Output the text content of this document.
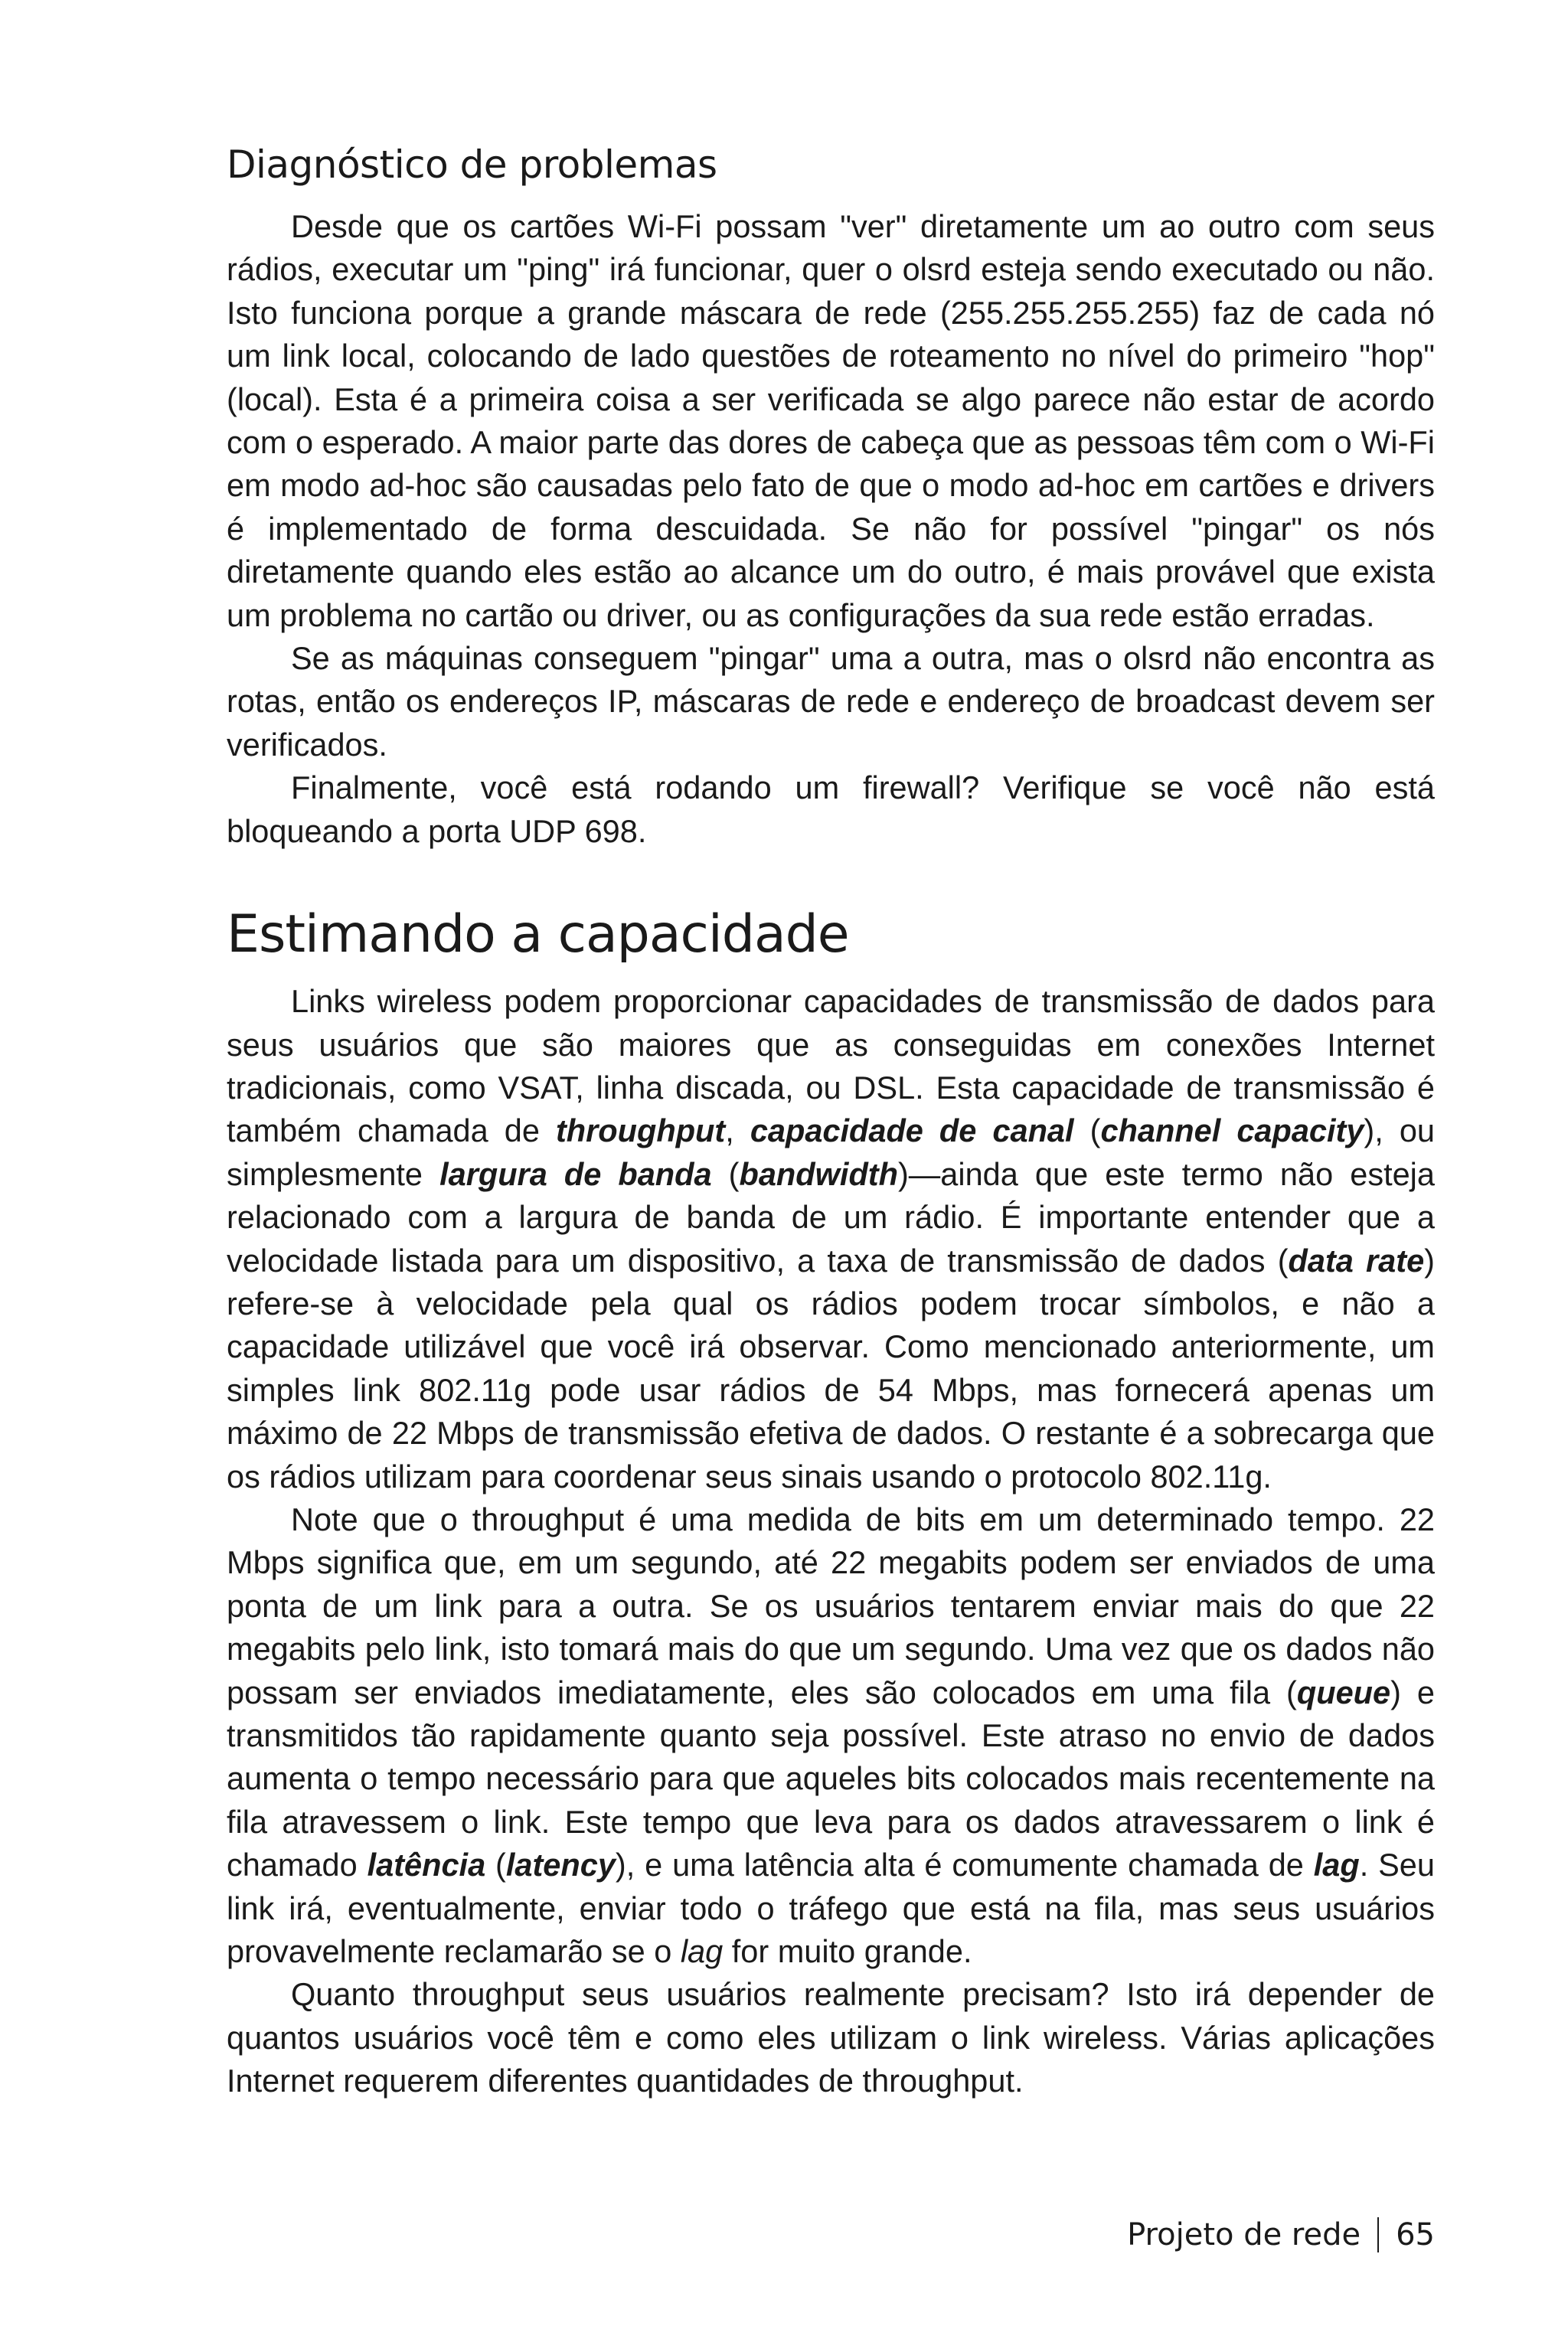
Diagnóstico de problemas

Desde que os cartões Wi-Fi possam "ver" diretamente um ao outro com seus rádios, executar um "ping" irá funcionar, quer o olsrd esteja sendo executado ou não. Isto funciona porque a grande máscara de rede (255.255.255.255) faz de cada nó um link local, colocando de lado questões de roteamento no nível do primeiro "hop" (local). Esta é a primeira coisa a ser verificada se algo parece não estar de acordo com o esperado. A maior parte das dores de cabeça que as pessoas têm com o Wi-Fi em modo ad-hoc são causadas pelo fato de que o modo ad-hoc em cartões e drivers é implementado de forma descuidada. Se não for possível "pingar" os nós diretamente quando eles estão ao alcance um do outro, é mais provável que exista um problema no cartão ou driver, ou as configurações da sua rede estão erradas.

Se as máquinas conseguem "pingar" uma a outra, mas o olsrd não encontra as rotas, então os endereços IP, máscaras de rede e endereço de broadcast devem ser verificados.

Finalmente, você está rodando um firewall? Verifique se você não está bloqueando a porta UDP 698.

Estimando a capacidade

Links wireless podem proporcionar capacidades de transmissão de dados para seus usuários que são maiores que as conseguidas em conexões Internet tradicionais, como VSAT, linha discada, ou DSL. Esta capacidade de transmissão é também chamada de throughput, capacidade de canal (channel capacity), ou simplesmente largura de banda (bandwidth)—ainda que este termo não esteja relacionado com a largura de banda de um rádio. É importante entender que a velocidade listada para um dispositivo, a taxa de transmissão de dados (data rate) refere-se à velocidade pela qual os rádios podem trocar símbolos, e não a capacidade utilizável que você irá observar. Como mencionado anteriormente, um simples link 802.11g pode usar rádios de 54 Mbps, mas fornecerá apenas um máximo de 22 Mbps de transmissão efetiva de dados. O restante é a sobrecarga que os rádios utilizam para coordenar seus sinais usando o protocolo 802.11g.

Note que o throughput é uma medida de bits em um determinado tempo. 22 Mbps significa que, em um segundo, até 22 megabits podem ser enviados de uma ponta de um link para a outra. Se os usuários tentarem enviar mais do que 22 megabits pelo link, isto tomará mais do que um segundo. Uma vez que os dados não possam ser enviados imediatamente, eles são colocados em uma fila (queue) e transmitidos tão rapidamente quanto seja possível. Este atraso no envio de dados aumenta o tempo necessário para que aqueles bits colocados mais recentemente na fila atravessem o link. Este tempo que leva para os dados atravessarem o link é chamado latência (latency), e uma latência alta é comumente chamada de lag. Seu link irá, eventualmente, enviar todo o tráfego que está na fila, mas seus usuários provavelmente reclamarão se o lag for muito grande.

Quanto throughput seus usuários realmente precisam? Isto irá depender de quantos usuários você têm e como eles utilizam o link wireless. Várias aplicações Internet requerem diferentes quantidades de throughput.

Projeto de rede 65
